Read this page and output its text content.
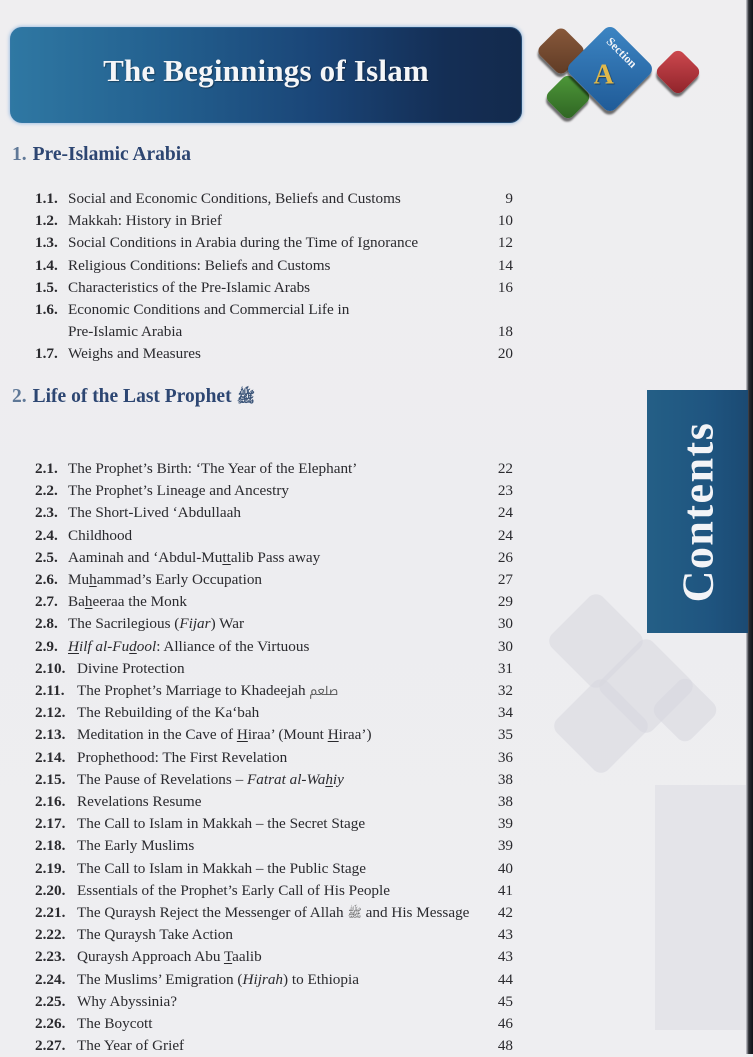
The Beginnings of Islam	Section
A
Contents
1. Pre-Islamic Arabia
1.1. Social and Economic Conditions, Beliefs and Customs	9
1.2. Makkah: History in Brief	10
1.3. Social Conditions in Arabia during the Time of Ignorance	12
1.4. Religious Conditions: Beliefs and Customs	14
1.5. Characteristics of the Pre-Islamic Arabs	16
1.6. Economic Conditions and Commercial Life in
Pre-Islamic Arabia	18
1.7. Weighs and Measures	20
2. Life of the Last Prophet ﷺ
2.1. The Prophet’s Birth: ‘The Year of the Elephant’	22
2.2. The Prophet’s Lineage and Ancestry	23
2.3. The Short-Lived ‘Abdullaah	24
2.4. Childhood	24
2.5. Aaminah and ‘Abdul-Muttalib Pass away	26
2.6. Muhammad’s Early Occupation	27
2.7. Baheeraa the Monk	29
2.8. The Sacrilegious (Fijar) War	30
2.9. Hilf al-Fudool: Alliance of the Virtuous	30
2.10. Divine Protection	31
2.11. The Prophet’s Marriage to Khadeejah ﷵ	32
2.12. The Rebuilding of the Ka‘bah	34
2.13. Meditation in the Cave of Hiraa’ (Mount Hiraa’)	35
2.14. Prophethood: The First Revelation	36
2.15. The Pause of Revelations – Fatrat al-Wahiy	38
2.16. Revelations Resume	38
2.17. The Call to Islam in Makkah – the Secret Stage	39
2.18. The Early Muslims	39
2.19. The Call to Islam in Makkah – the Public Stage	40
2.20. Essentials of the Prophet’s Early Call of His People	41
2.21. The Quraysh Reject the Messenger of Allah ﷺ and His Message 42
2.22. The Quraysh Take Action	43
2.23. Quraysh Approach Abu Taalib	43
2.24. The Muslims’ Emigration (Hijrah) to Ethiopia	44
2.25. Why Abyssinia?	45
2.26. The Boycott	46
2.27. The Year of Grief	48
